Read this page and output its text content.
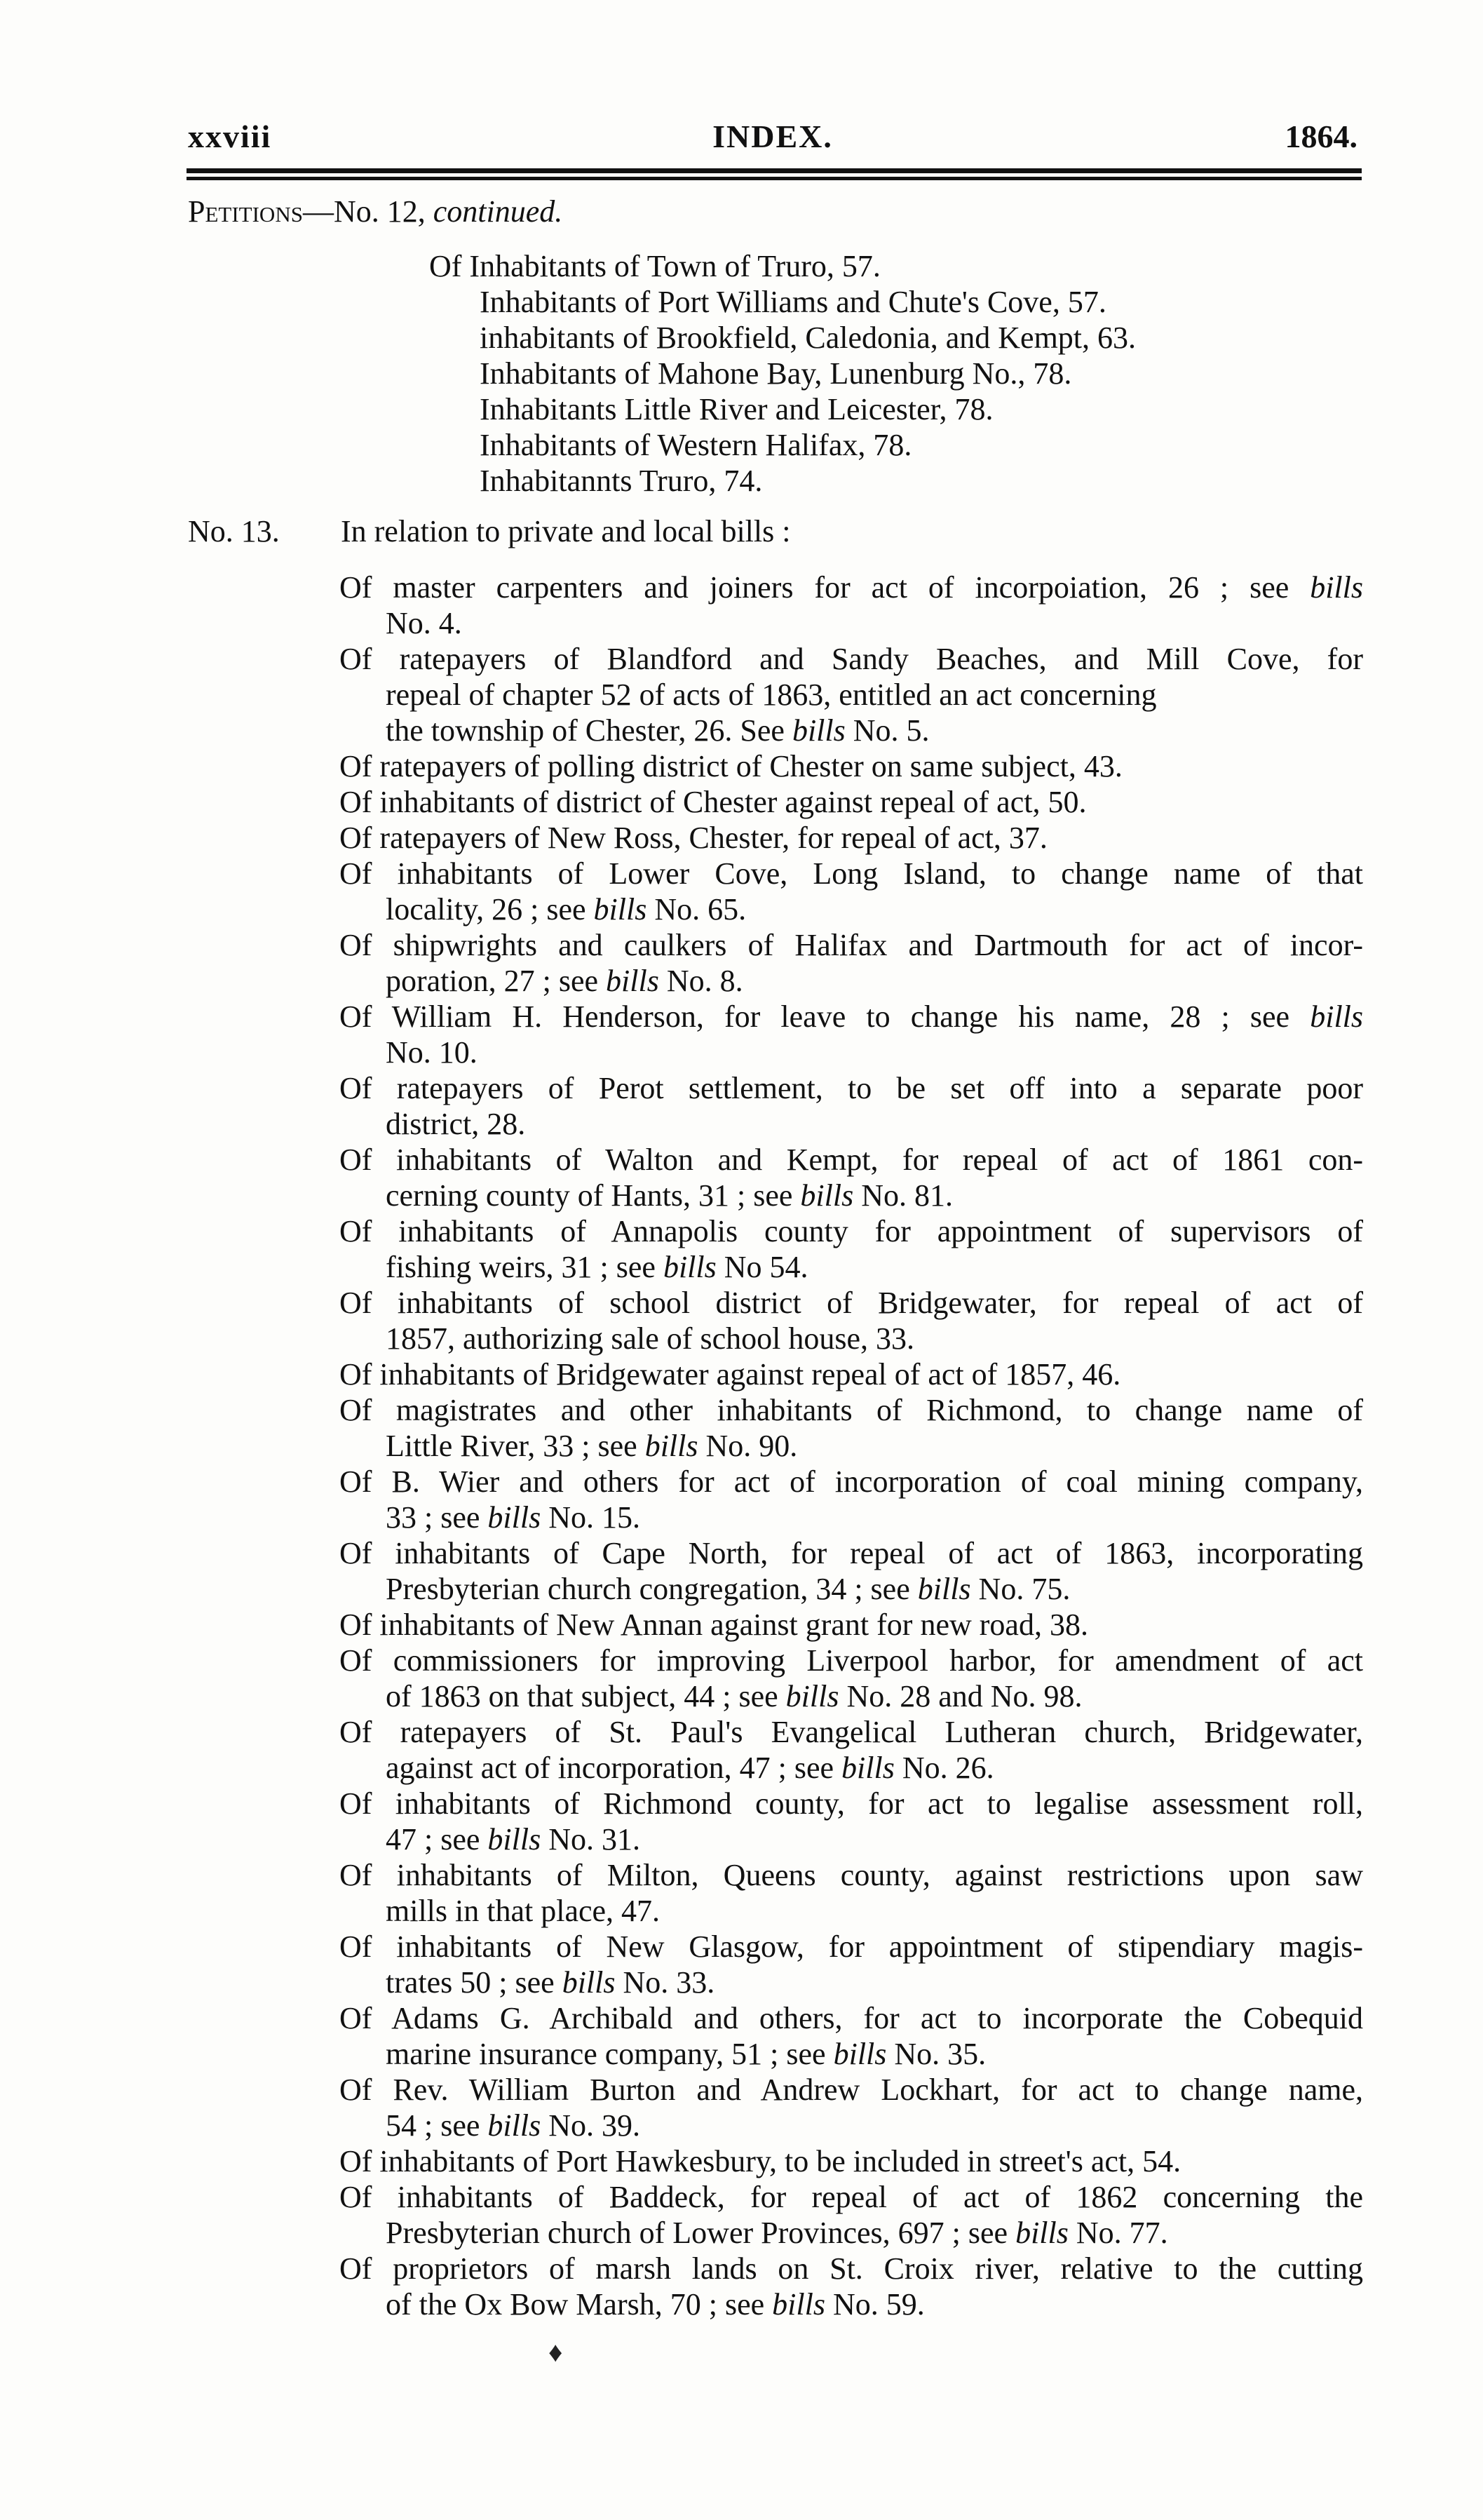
xxviii	INDEX.	1864.
Petitions—No. 12, continued.
Of Inhabitants of Town of Truro, 57.
Inhabitants of Port Williams and Chute's Cove, 57.
inhabitants of Brookfield, Caledonia, and Kempt, 63.
Inhabitants of Mahone Bay, Lunenburg No., 78.
Inhabitants Little River and Leicester, 78.
Inhabitants of Western Halifax, 78.
Inhabitannts Truro, 74.
No. 13. In relation to private and local bills :
Of master carpenters and joiners for act of incorpoiation, 26 ; see bills
No. 4.
Of ratepayers of Blandford and Sandy Beaches, and Mill Cove, for
repeal of chapter 52 of acts of 1863, entitled an act concerning
the township of Chester, 26. See bills No. 5.
Of ratepayers of polling district of Chester on same subject, 43.
Of inhabitants of district of Chester against repeal of act, 50.
Of ratepayers of New Ross, Chester, for repeal of act, 37.
Of inhabitants of Lower Cove, Long Island, to change name of that
locality, 26 ; see bills No. 65.
Of shipwrights and caulkers of Halifax and Dartmouth for act of incor-
poration, 27 ; see bills No. 8.
Of William H. Henderson, for leave to change his name, 28 ; see bills
No. 10.
Of ratepayers of Perot settlement, to be set off into a separate poor
district, 28.
Of inhabitants of Walton and Kempt, for repeal of act of 1861 con-
cerning county of Hants, 31 ; see bills No. 81.
Of inhabitants of Annapolis county for appointment of supervisors of
fishing weirs, 31 ; see bills No 54.
Of inhabitants of school district of Bridgewater, for repeal of act of
1857, authorizing sale of school house, 33.
Of inhabitants of Bridgewater against repeal of act of 1857, 46.
Of magistrates and other inhabitants of Richmond, to change name of
Little River, 33 ; see bills No. 90.
Of B. Wier and others for act of incorporation of coal mining company,
33 ; see bills No. 15.
Of inhabitants of Cape North, for repeal of act of 1863, incorporating
Presbyterian church congregation, 34 ; see bills No. 75.
Of inhabitants of New Annan against grant for new road, 38.
Of commissioners for improving Liverpool harbor, for amendment of act
of 1863 on that subject, 44 ; see bills No. 28 and No. 98.
Of ratepayers of St. Paul's Evangelical Lutheran church, Bridgewater,
against act of incorporation, 47 ; see bills No. 26.
Of inhabitants of Richmond county, for act to legalise assessment roll,
47 ; see bills No. 31.
Of inhabitants of Milton, Queens county, against restrictions upon saw
mills in that place, 47.
Of inhabitants of New Glasgow, for appointment of stipendiary magis-
trates 50 ; see bills No. 33.
Of Adams G. Archibald and others, for act to incorporate the Cobequid
marine insurance company, 51 ; see bills No. 35.
Of Rev. William Burton and Andrew Lockhart, for act to change name,
54 ; see bills No. 39.
Of inhabitants of Port Hawkesbury, to be included in street's act, 54.
Of inhabitants of Baddeck, for repeal of act of 1862 concerning the
Presbyterian church of Lower Provinces, 697 ; see bills No. 77.
Of proprietors of marsh lands on St. Croix river, relative to the cutting
of the Ox Bow Marsh, 70 ; see bills No. 59.
♦
